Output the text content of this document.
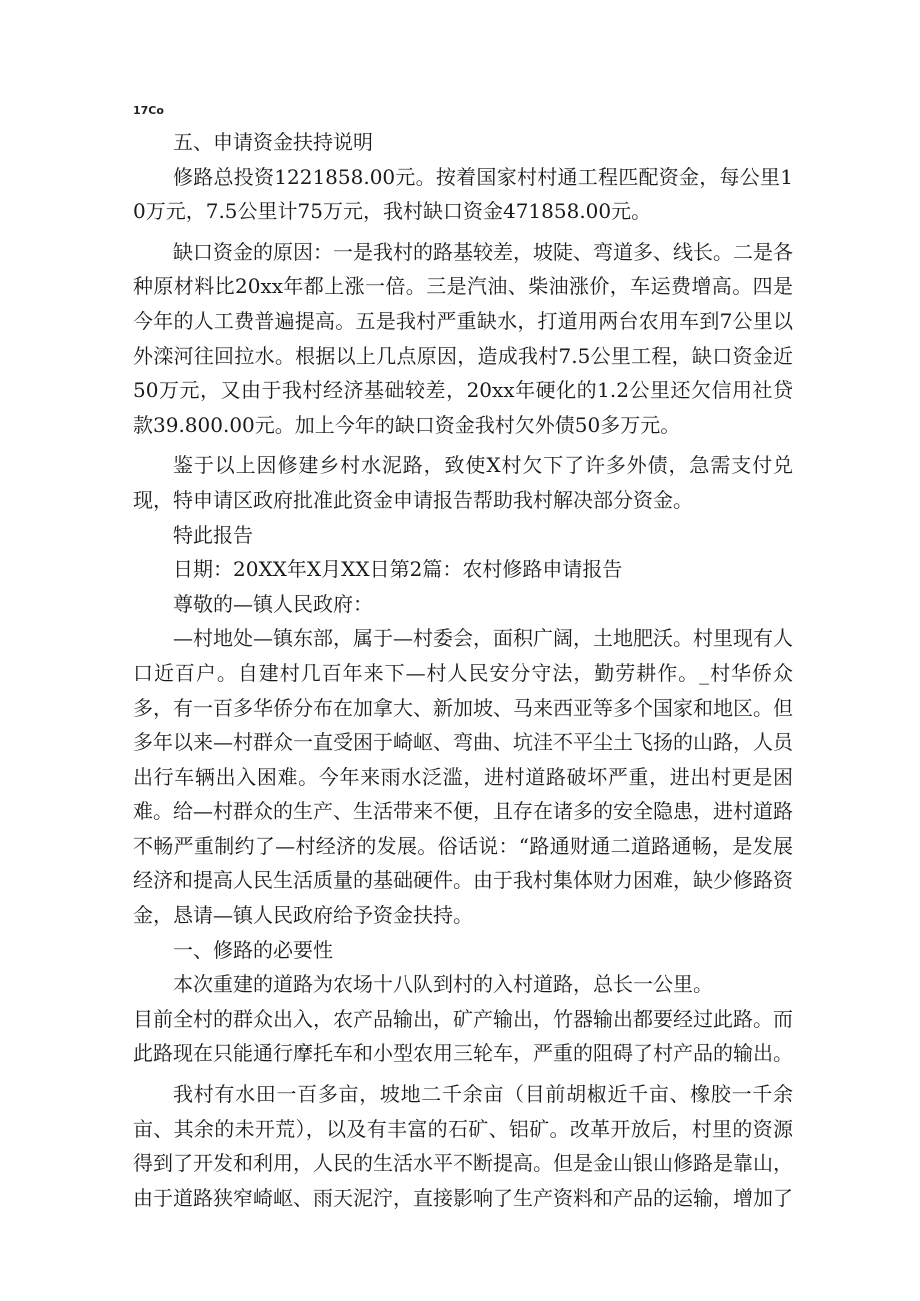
17Co

五、申请资金扶持说明

修路总投资1221858.00元。按着国家村村通工程匹配资金，每公里10万元，7.5公里计75万元，我村缺口资金471858.00元。

缺口资金的原因：一是我村的路基较差，坡陡、弯道多、线长。二是各种原材料比20xx年都上涨一倍。三是汽油、柴油涨价，车运费增高。四是今年的人工费普遍提高。五是我村严重缺水，打道用两台农用车到7公里以外滦河往回拉水。根据以上几点原因，造成我村7.5公里工程，缺口资金近50万元，又由于我村经济基础较差，20xx年硬化的1.2公里还欠信用社贷款39.800.00元。加上今年的缺口资金我村欠外债50多万元。

鉴于以上因修建乡村水泥路，致使X村欠下了许多外债，急需支付兑现，特申请区政府批准此资金申请报告帮助我村解决部分资金。

特此报告

日期：20XX年X月XX日第2篇：农村修路申请报告

尊敬的—镇人民政府：

—村地处—镇东部，属于—村委会，面积广阔，土地肥沃。村里现有人口近百户。自建村几百年来下—村人民安分守法，勤劳耕作。_村华侨众多，有一百多华侨分布在加拿大、新加坡、马来西亚等多个国家和地区。但多年以来—村群众一直受困于崎岖、弯曲、坑洼不平尘土飞扬的山路，人员出行车辆出入困难。今年来雨水泛滥，进村道路破坏严重，进出村更是困难。给—村群众的生产、生活带来不便，且存在诸多的安全隐患，进村道路不畅严重制约了—村经济的发展。俗话说：“路通财通二道路通畅，是发展经济和提高人民生活质量的基础硬件。由于我村集体财力困难，缺少修路资金，恳请—镇人民政府给予资金扶持。

一、修路的必要性

本次重建的道路为农场十八队到村的入村道路，总长一公里。

目前全村的群众出入，农产品输出，矿产输出，竹器输出都要经过此路。而此路现在只能通行摩托车和小型农用三轮车，严重的阻碍了村产品的输出。

我村有水田一百多亩，坡地二千余亩（目前胡椒近千亩、橡胶一千余亩、其余的未开荒），以及有丰富的石矿、铝矿。改革开放后，村里的资源得到了开发和利用，人民的生活水平不断提高。但是金山银山修路是靠山，由于道路狭窄崎岖、雨天泥泞，直接影响了生产资料和产品的运输，增加了
